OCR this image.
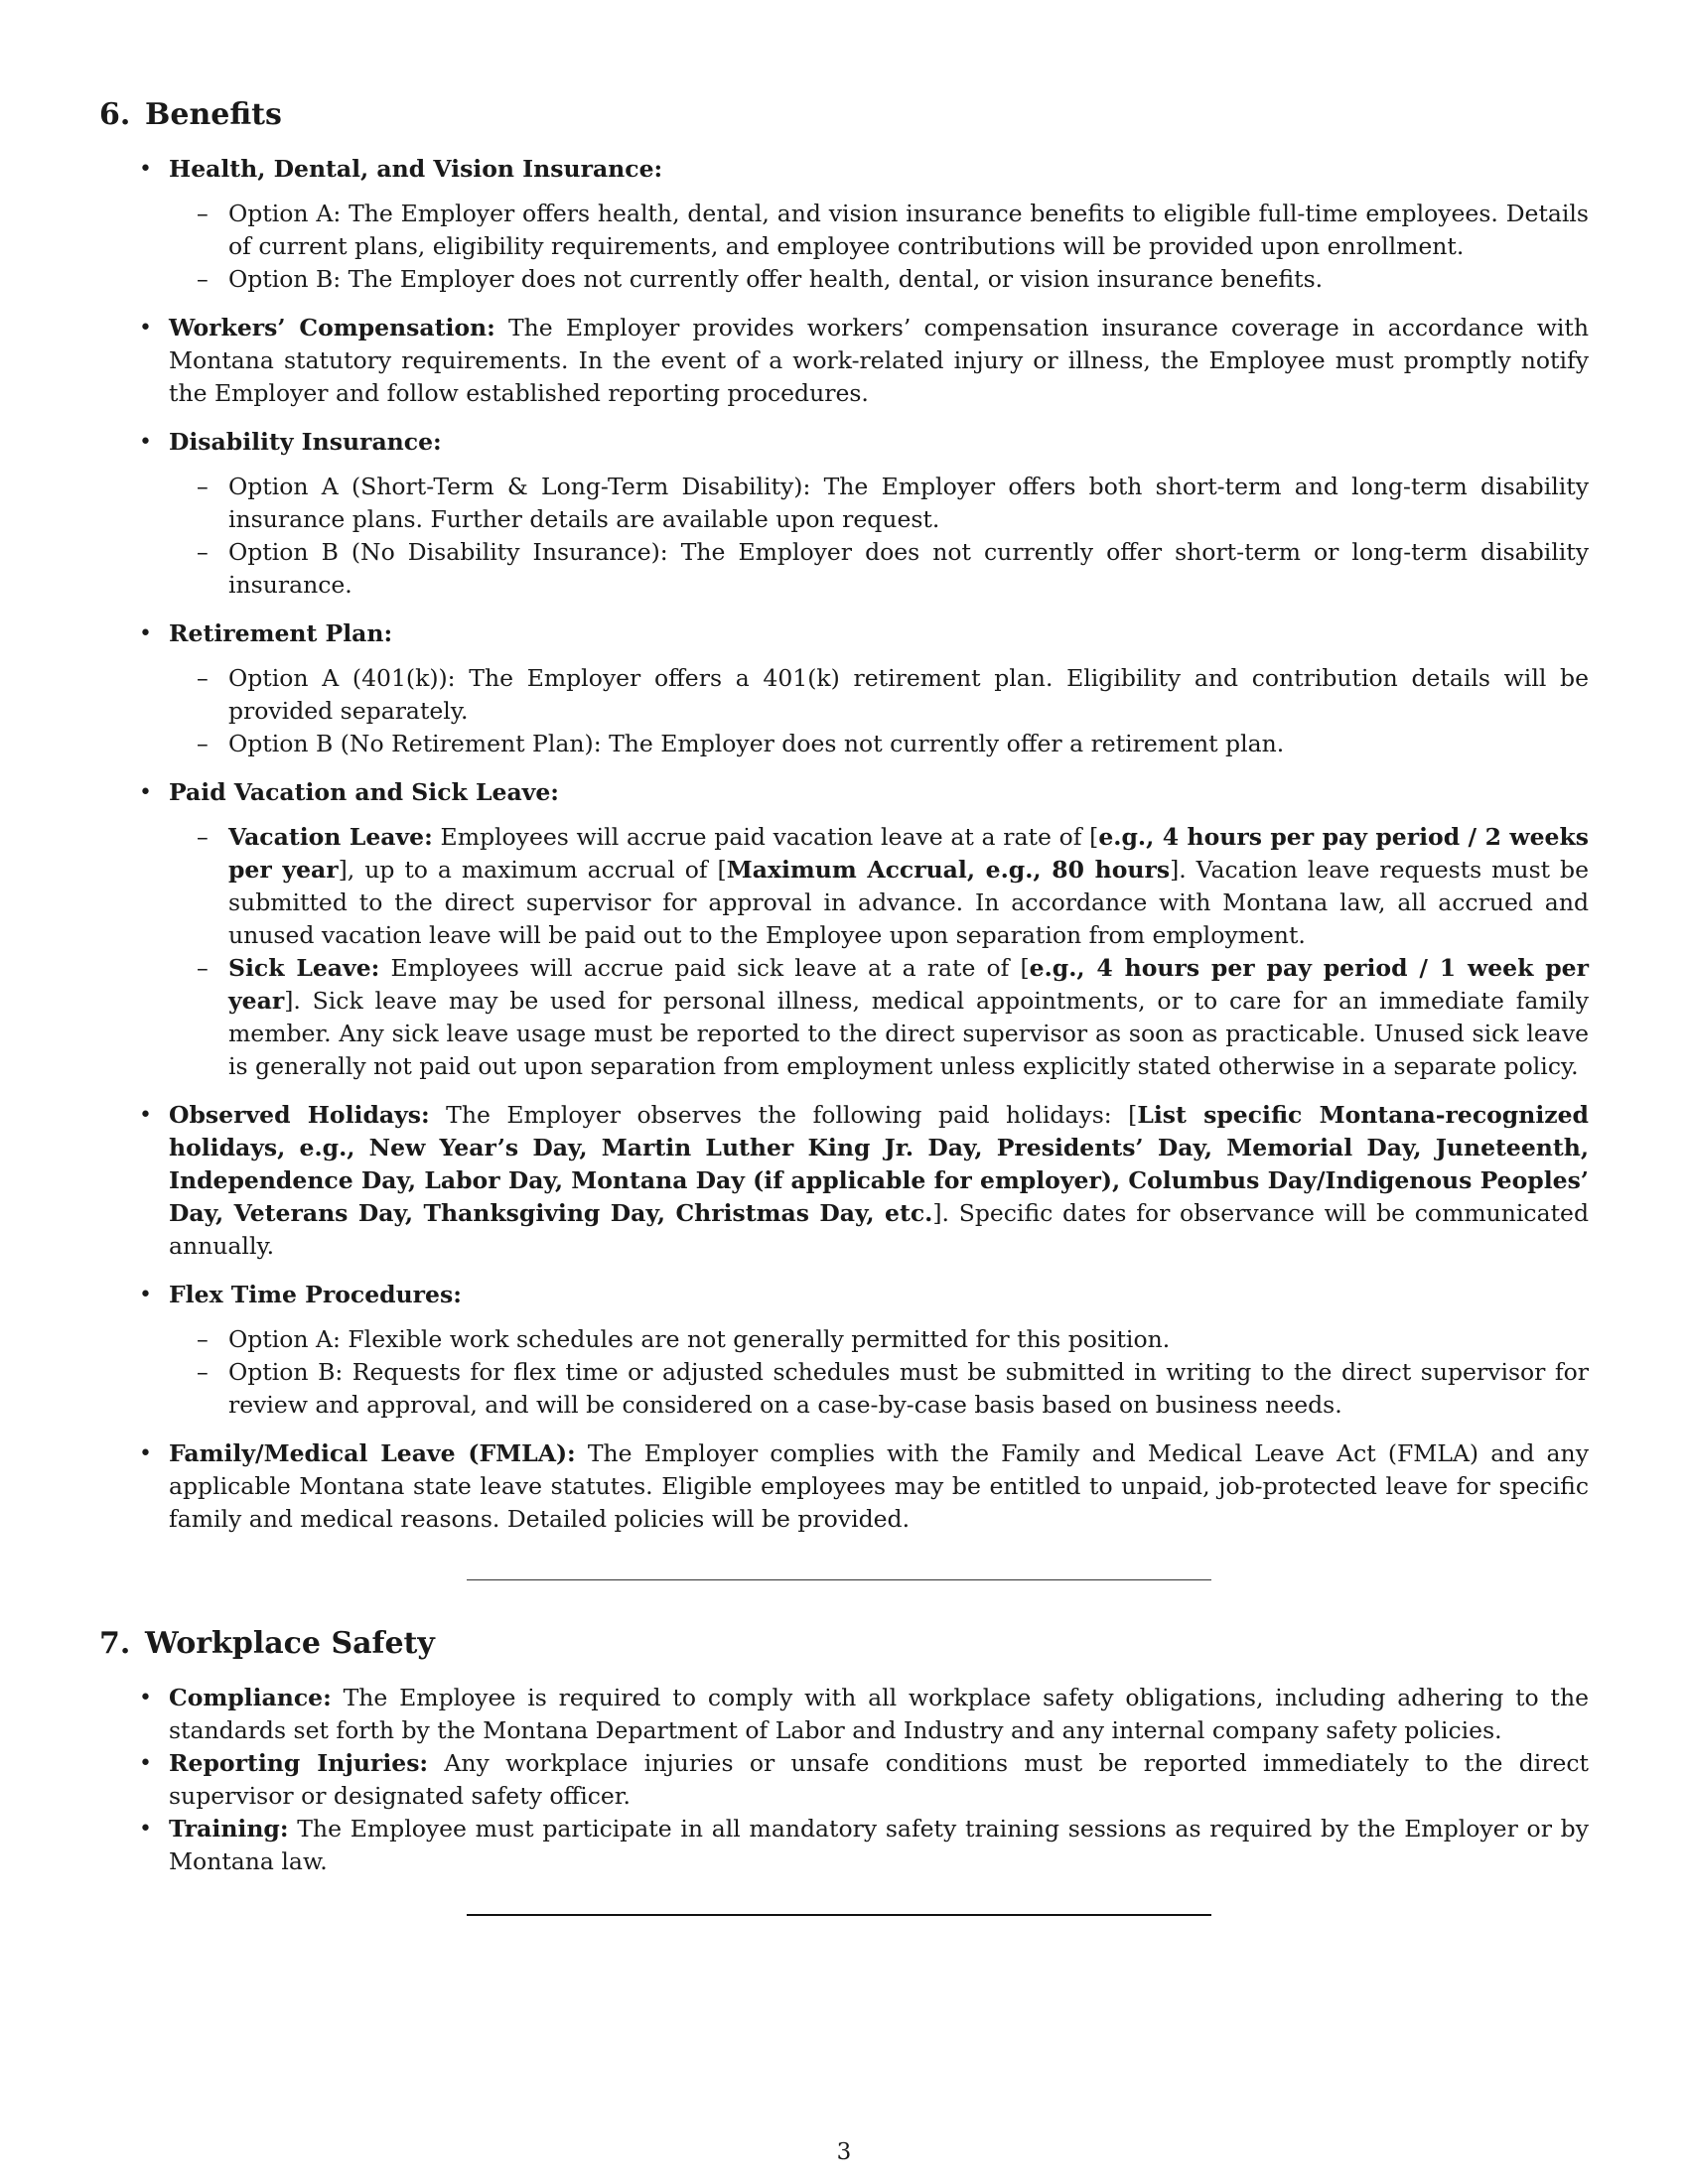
6. Benefits
• Health, Dental, and Vision Insurance:
– Option A: The Employer offers health, dental, and vision insurance benefits to eligible full-time employees. Details of current plans, eligibility requirements, and employee contributions will be provided upon enrollment.
– Option B: The Employer does not currently offer health, dental, or vision insurance benefits.
• Workers’ Compensation: The Employer provides workers’ compensation insurance coverage in accordance with Montana statutory requirements. In the event of a work-related injury or illness, the Employee must promptly notify the Employer and follow established reporting procedures.
• Disability Insurance:
– Option A (Short-Term & Long-Term Disability): The Employer offers both short-term and long-term disability insurance plans. Further details are available upon request.
– Option B (No Disability Insurance): The Employer does not currently offer short-term or long-term disability insurance.
• Retirement Plan:
– Option A (401(k)): The Employer offers a 401(k) retirement plan. Eligibility and contribution details will be provided separately.
– Option B (No Retirement Plan): The Employer does not currently offer a retirement plan.
• Paid Vacation and Sick Leave:
– Vacation Leave: Employees will accrue paid vacation leave at a rate of [e.g., 4 hours per pay period / 2 weeks per year], up to a maximum accrual of [Maximum Accrual, e.g., 80 hours]. Vacation leave requests must be submitted to the direct supervisor for approval in advance. In accordance with Montana law, all accrued and unused vacation leave will be paid out to the Employee upon separation from employment.
– Sick Leave: Employees will accrue paid sick leave at a rate of [e.g., 4 hours per pay period / 1 week per year]. Sick leave may be used for personal illness, medical appointments, or to care for an immediate family member. Any sick leave usage must be reported to the direct supervisor as soon as practicable. Unused sick leave is generally not paid out upon separation from employment unless explicitly stated otherwise in a separate policy.
• Observed Holidays: The Employer observes the following paid holidays: [List specific Montana-recognized holidays, e.g., New Year’s Day, Martin Luther King Jr. Day, Presidents’ Day, Memorial Day, Juneteenth, Independence Day, Labor Day, Montana Day (if applicable for employer), Columbus Day/Indigenous Peoples’ Day, Veterans Day, Thanksgiving Day, Christmas Day, etc.]. Specific dates for observance will be communicated annually.
• Flex Time Procedures:
– Option A: Flexible work schedules are not generally permitted for this position.
– Option B: Requests for flex time or adjusted schedules must be submitted in writing to the direct supervisor for review and approval, and will be considered on a case-by-case basis based on business needs.
• Family/Medical Leave (FMLA): The Employer complies with the Family and Medical Leave Act (FMLA) and any applicable Montana state leave statutes. Eligible employees may be entitled to unpaid, job-protected leave for specific family and medical reasons. Detailed policies will be provided.
7. Workplace Safety
• Compliance: The Employee is required to comply with all workplace safety obligations, including adhering to the standards set forth by the Montana Department of Labor and Industry and any internal company safety policies.
• Reporting Injuries: Any workplace injuries or unsafe conditions must be reported immediately to the direct supervisor or designated safety officer.
• Training: The Employee must participate in all mandatory safety training sessions as required by the Employer or by Montana law.
3
